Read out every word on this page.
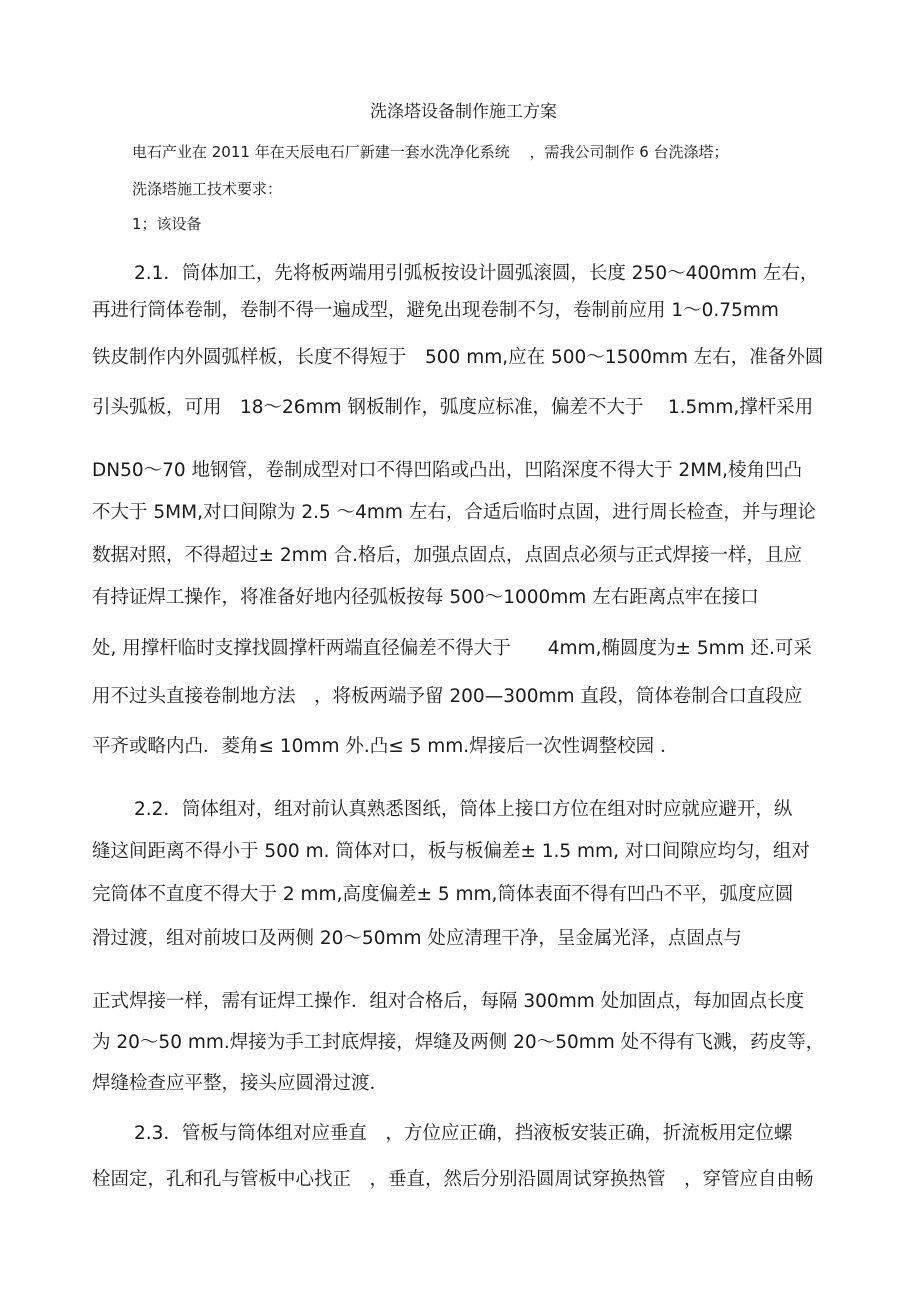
洗涤塔设备制作施工方案

电石产业在 2011 年在天辰电石厂新建一套水洗净化系统　 ，需我公司制作 6 台洗涤塔；

洗涤塔施工技术要求：

1；该设备

2.1．筒体加工，先将板两端用引弧板按设计圆弧滚圆，长度 250～400mm 左右，

再进行筒体卷制，卷制不得一遍成型，避免出现卷制不匀，卷制前应用 1～0.75mm

铁皮制作内外圆弧样板，长度不得短于　500 mm,应在 500～1500mm 左右，准备外圆

引头弧板，可用　18～26mm 钢板制作，弧度应标准，偏差不大于　 1.5mm,撑杆采用

DN50～70 地钢管，卷制成型对口不得凹陷或凸出，凹陷深度不得大于 2MM,棱角凹凸

不大于 5MM,对口间隙为 2.5 ～4mm 左右，合适后临时点固，进行周长检查，并与理论

数据对照，不得超过± 2mm 合.格后，加强点固点，点固点必须与正式焊接一样，且应

有持证焊工操作，将准备好地内径弧板按每 500～1000mm 左右距离点牢在接口

处, 用撑杆临时支撑找圆撑杆两端直径偏差不得大于　　4mm,椭圆度为± 5mm 还.可采

用不过头直接卷制地方法　，将板两端予留 200—300mm 直段，筒体卷制合口直段应

平齐或略内凸．菱角≤ 10mm 外.凸≤ 5 mm.焊接后一次性调整校园 ．

2.2．筒体组对，组对前认真熟悉图纸，筒体上接口方位在组对时应就应避开，纵

缝这间距离不得小于 500 m. 筒体对口，板与板偏差± 1.5 mm, 对口间隙应均匀，组对

完筒体不直度不得大于 2 mm,高度偏差± 5 mm,筒体表面不得有凹凸不平，弧度应圆

滑过渡，组对前坡口及两侧 20～50mm 处应清理干净，呈金属光泽，点固点与

正式焊接一样，需有证焊工操作．组对合格后，每隔 300mm 处加固点，每加固点长度

为 20～50 mm.焊接为手工封底焊接，焊缝及两侧 20～50mm 处不得有飞溅，药皮等，

焊缝检查应平整，接头应圆滑过渡．

2.3．管板与筒体组对应垂直　，方位应正确，挡液板安装正确，折流板用定位螺

栓固定，孔和孔与管板中心找正　，垂直，然后分别沿圆周试穿换热管　，穿管应自由畅
